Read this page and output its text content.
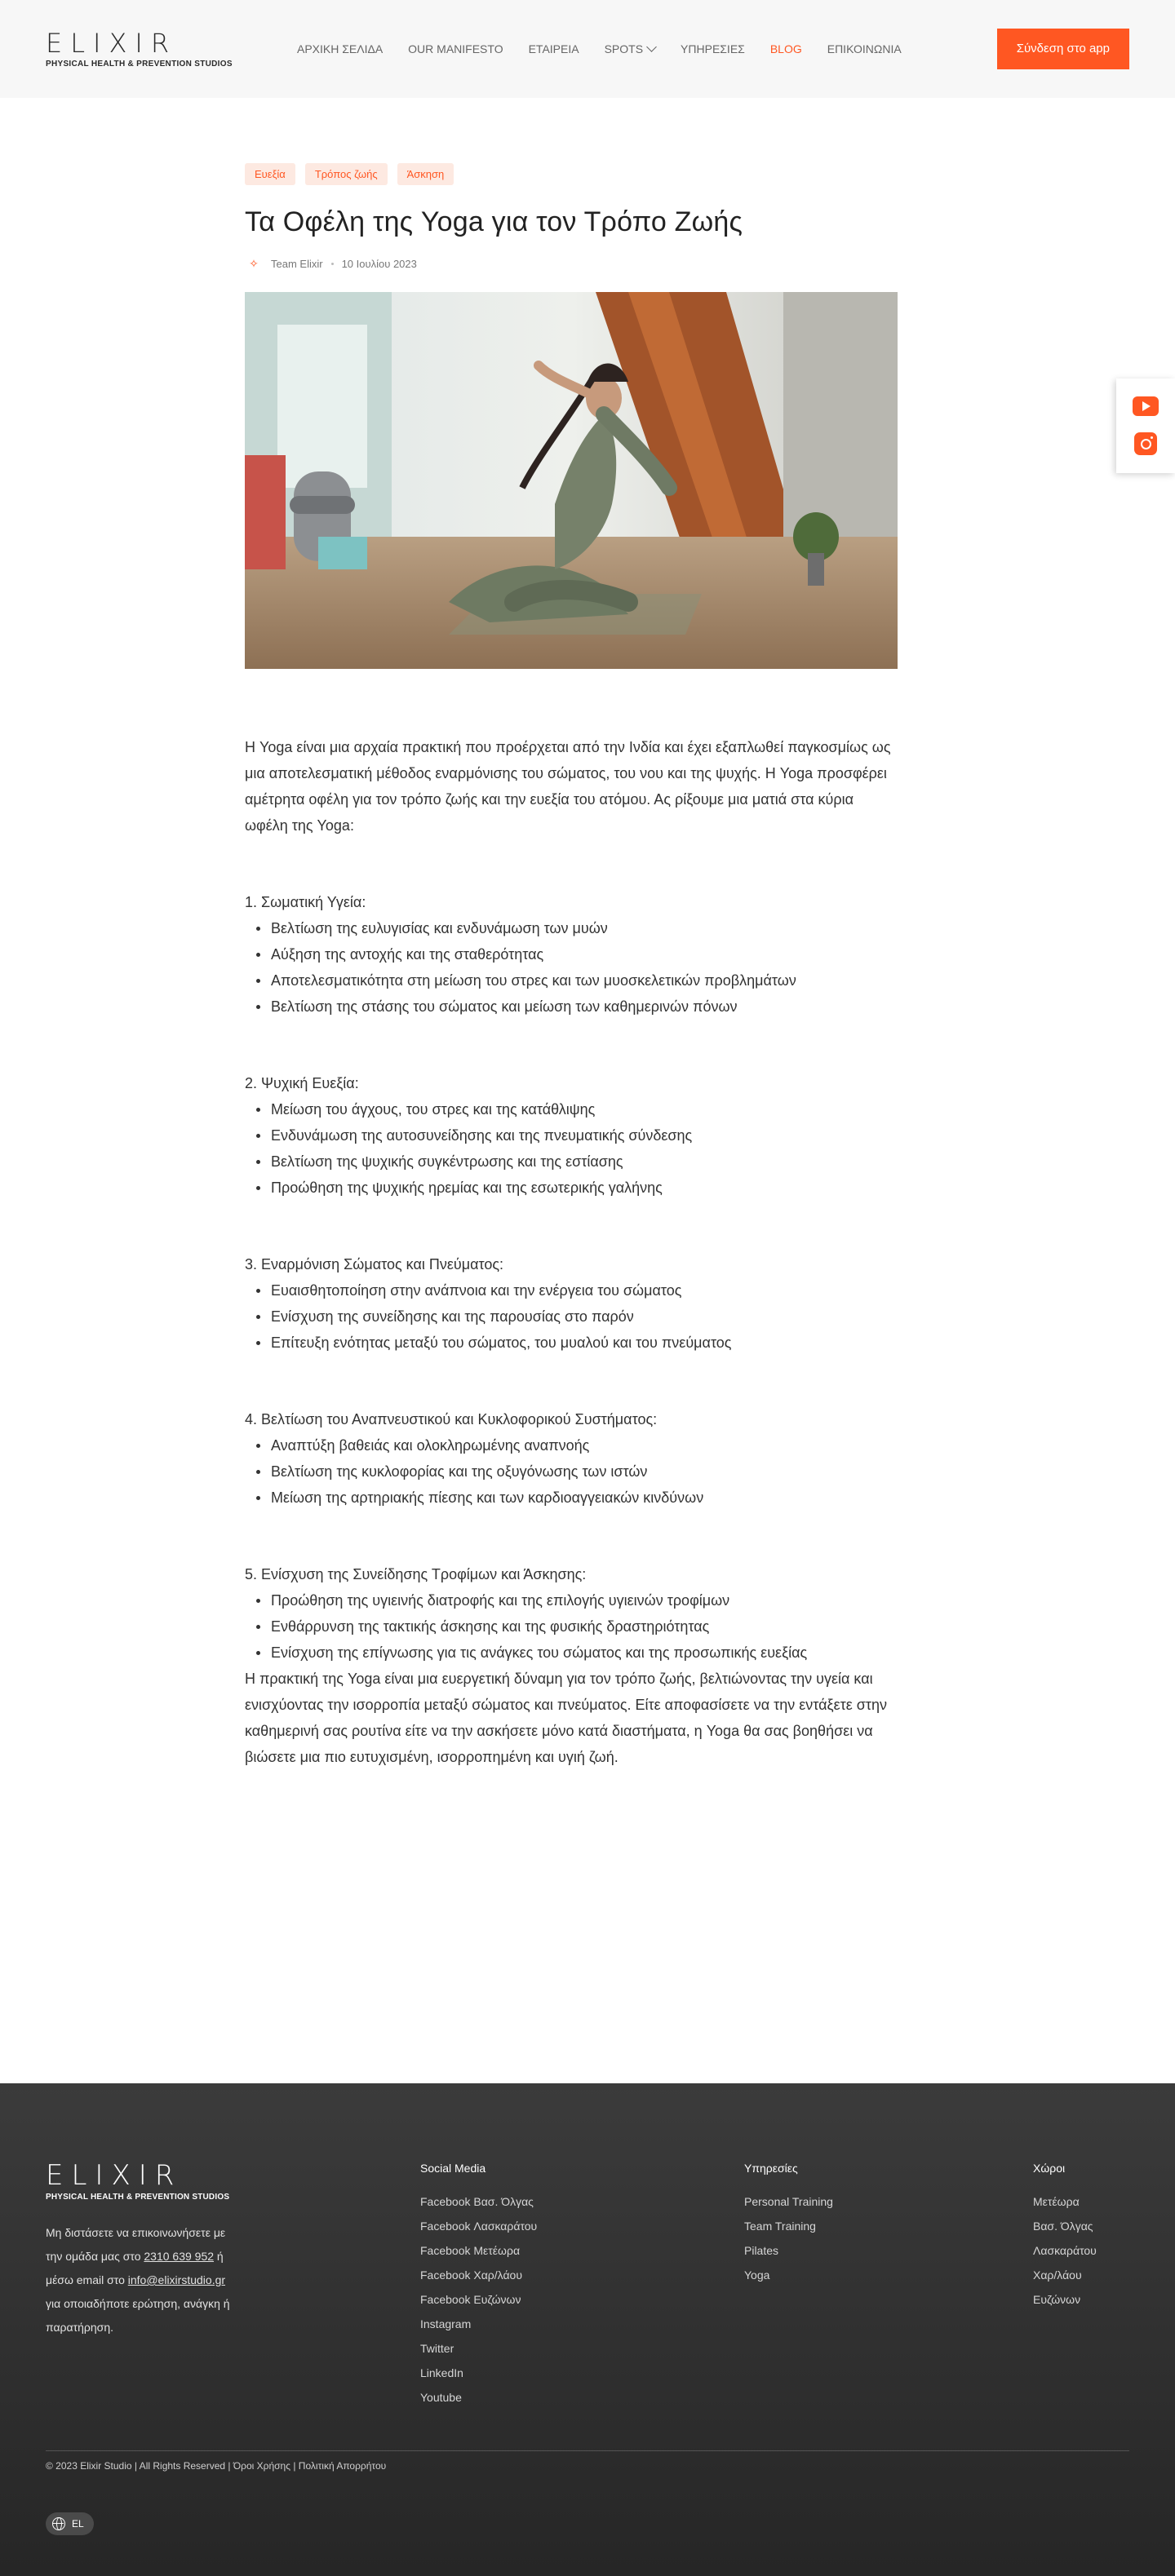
ELIXIR
PHYSICAL HEALTH & PREVENTION STUDIOS
ΑΡΧΙΚΗ ΣΕΛΙΔΑ OUR MANIFESTO ΕΤΑΙΡΕΙΑ SPOTS	ΥΠΗΡΕΣΙΕΣ BLOG ΕΠΙΚΟΙΝΩΝΙΑ	Σύνδεση στο app
Ευεξία	Τρόπος ζωής	Άσκηση
Τα Οφέλη της Yoga για τον Τρόπο Ζωής
✧	Team Elixir 10 Ιουλίου 2023

Η Yoga είναι μια αρχαία πρακτική που προέρχεται από την Ινδία και έχει εξαπλωθεί παγκοσμίως ως μια αποτελεσματική μέθοδος εναρμόνισης του σώματος, του νου και της ψυχής. Η Yoga προσφέρει αμέτρητα οφέλη για τον τρόπο ζωής και την ευεξία του ατόμου. Ας ρίξουμε μια ματιά στα κύρια ωφέλη της Yoga:

1. Σωματική Υγεία:

Βελτίωση της ευλυγισίας και ενδυνάμωση των μυών
Αύξηση της αντοχής και της σταθερότητας
Αποτελεσματικότητα στη μείωση του στρες και των μυοσκελετικών προβλημάτων
Βελτίωση της στάσης του σώματος και μείωση των καθημερινών πόνων

2. Ψυχική Ευεξία:

Μείωση του άγχους, του στρες και της κατάθλιψης
Ενδυνάμωση της αυτοσυνείδησης και της πνευματικής σύνδεσης
Βελτίωση της ψυχικής συγκέντρωσης και της εστίασης
Προώθηση της ψυχικής ηρεμίας και της εσωτερικής γαλήνης

3. Εναρμόνιση Σώματος και Πνεύματος:

Ευαισθητοποίηση στην ανάπνοια και την ενέργεια του σώματος
Ενίσχυση της συνείδησης και της παρουσίας στο παρόν
Επίτευξη ενότητας μεταξύ του σώματος, του μυαλού και του πνεύματος

4. Βελτίωση του Αναπνευστικού και Κυκλοφορικού Συστήματος:

Αναπτύξη βαθειάς και ολοκληρωμένης αναπνοής
Βελτίωση της κυκλοφορίας και της οξυγόνωσης των ιστών
Μείωση της αρτηριακής πίεσης και των καρδιοαγγειακών κινδύνων

5. Ενίσχυση της Συνείδησης Τροφίμων και Άσκησης:

Προώθηση της υγιεινής διατροφής και της επιλογής υγιεινών τροφίμων
Ενθάρρυνση της τακτικής άσκησης και της φυσικής δραστηριότητας
Ενίσχυση της επίγνωσης για τις ανάγκες του σώματος και της προσωπικής ευεξίας

Η πρακτική της Yoga είναι μια ευεργετική δύναμη για τον τρόπο ζωής, βελτιώνοντας την υγεία και ενισχύοντας την ισορροπία μεταξύ σώματος και πνεύματος. Είτε αποφασίσετε να την εντάξετε στην καθημερινή σας ρουτίνα είτε να την ασκήσετε μόνο κατά διαστήματα, η Yoga θα σας βοηθήσει να βιώσετε μια πιο ευτυχισμένη, ισορροπημένη και υγιή ζωή.

ELIXIR
PHYSICAL HEALTH & PREVENTION STUDIOS

Μη διστάσετε να επικοινωνήσετε με την ομάδα μας στο 2310 639 952 ή μέσω email στο info@elixirstudio.gr για οποιαδήποτε ερώτηση, ανάγκη ή παρατήρηση.

Social Media
Facebook Βασ. Όλγας
Facebook Λασκαράτου
Facebook Μετέωρα
Facebook Χαρ/λάου
Facebook Ευζώνων
Instagram
Twitter
LinkedIn
Youtube
Υπηρεσίες
Personal Training
Team Training
Pilates
Yoga
Χώροι
Μετέωρα
Βασ. Όλγας
Λασκαράτου
Χαρ/λάου
Ευζώνων
© 2023 Elixir Studio | All Rights Reserved | Όροι Χρήσης | Πολιτική Απορρήτου
EL
